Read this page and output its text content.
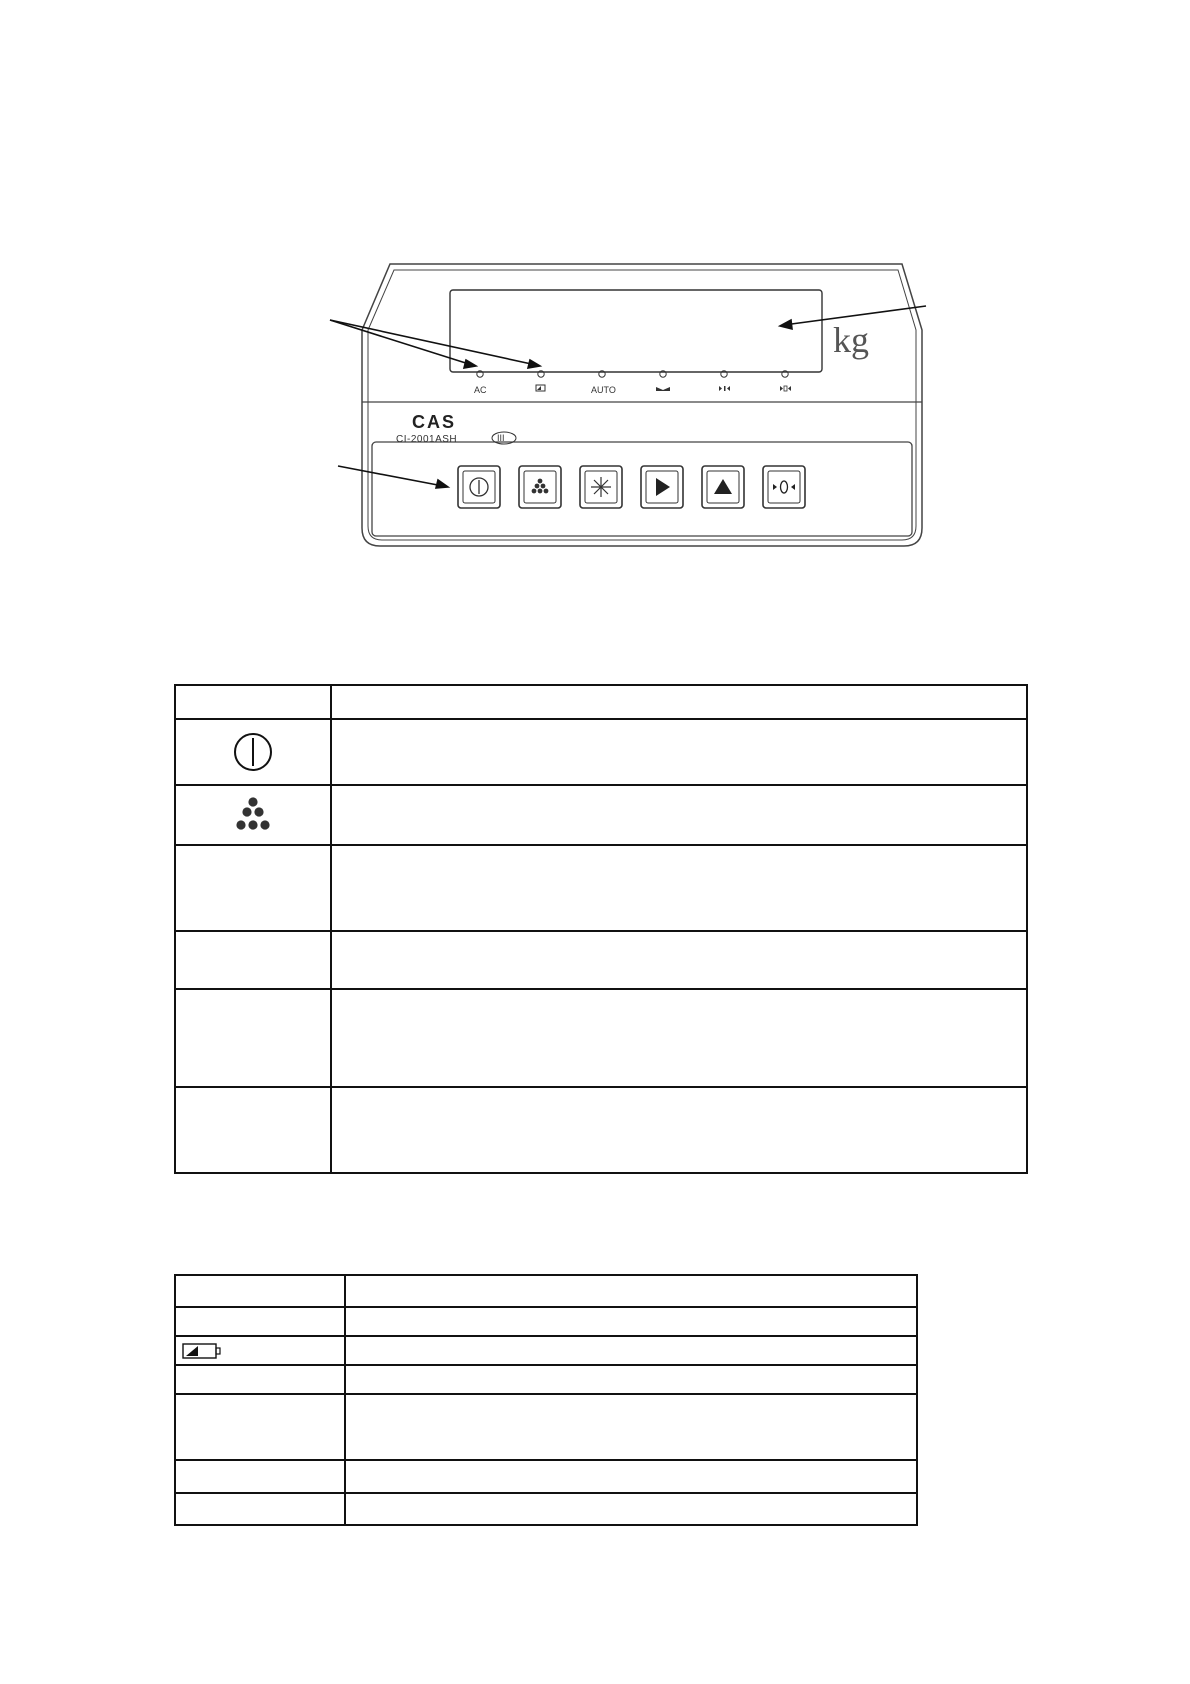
kg
AC	AUTO
CAS
CI-2001ASH	III
